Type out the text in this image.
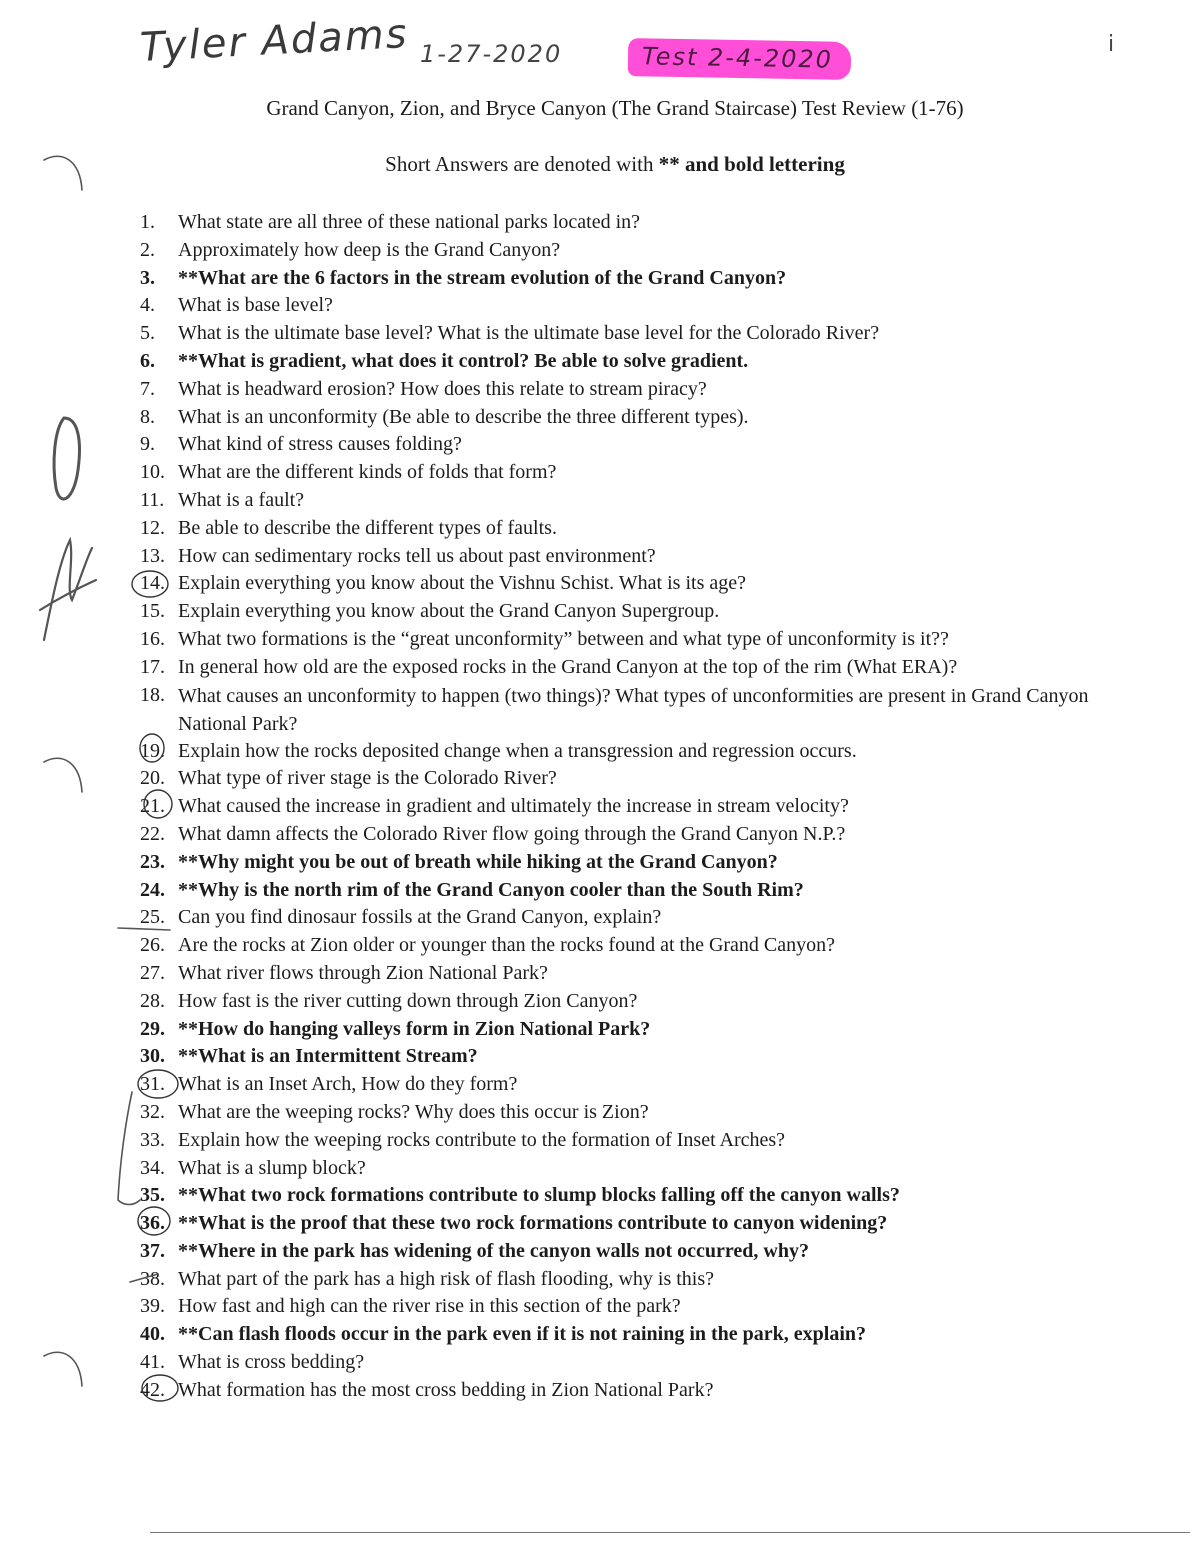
Tyler Adams 1-27-2020	Test 2-4-2020	i
Grand Canyon, Zion, and Bryce Canyon (The Grand Staircase) Test Review (1-76)
Short Answers are denoted with ** and bold lettering
1.	What state are all three of these national parks located in?
2.	Approximately how deep is the Grand Canyon?
3.	**What are the 6 factors in the stream evolution of the Grand Canyon?
4.	What is base level?
5.	What is the ultimate base level? What is the ultimate base level for the Colorado River?
6.	**What is gradient, what does it control? Be able to solve gradient.
7.	What is headward erosion? How does this relate to stream piracy?
8.	What is an unconformity (Be able to describe the three different types).
9.	What kind of stress causes folding?
10. What are the different kinds of folds that form?
11. What is a fault?
12. Be able to describe the different types of faults.
13. How can sedimentary rocks tell us about past environment?
14. Explain everything you know about the Vishnu Schist. What is its age?
15. Explain everything you know about the Grand Canyon Supergroup.
16. What two formations is the “great unconformity” between and what type of unconformity is it??
17. In general how old are the exposed rocks in the Grand Canyon at the top of the rim (What ERA)?
18. What causes an unconformity to happen (two things)? What types of unconformities are present in Grand Canyon National Park?
19. Explain how the rocks deposited change when a transgression and regression occurs.
20. What type of river stage is the Colorado River?
21. What caused the increase in gradient and ultimately the increase in stream velocity?
22. What damn affects the Colorado River flow going through the Grand Canyon N.P.?
23. **Why might you be out of breath while hiking at the Grand Canyon?
24. **Why is the north rim of the Grand Canyon cooler than the South Rim?
25. Can you find dinosaur fossils at the Grand Canyon, explain?
26. Are the rocks at Zion older or younger than the rocks found at the Grand Canyon?
27. What river flows through Zion National Park?
28. How fast is the river cutting down through Zion Canyon?
29. **How do hanging valleys form in Zion National Park?
30. **What is an Intermittent Stream?
31. What is an Inset Arch, How do they form?
32. What are the weeping rocks? Why does this occur is Zion?
33. Explain how the weeping rocks contribute to the formation of Inset Arches?
34. What is a slump block?
35. **What two rock formations contribute to slump blocks falling off the canyon walls?
36. **What is the proof that these two rock formations contribute to canyon widening?
37. **Where in the park has widening of the canyon walls not occurred, why?
38. What part of the park has a high risk of flash flooding, why is this?
39. How fast and high can the river rise in this section of the park?
40. **Can flash floods occur in the park even if it is not raining in the park, explain?
41. What is cross bedding?
42. What formation has the most cross bedding in Zion National Park?
